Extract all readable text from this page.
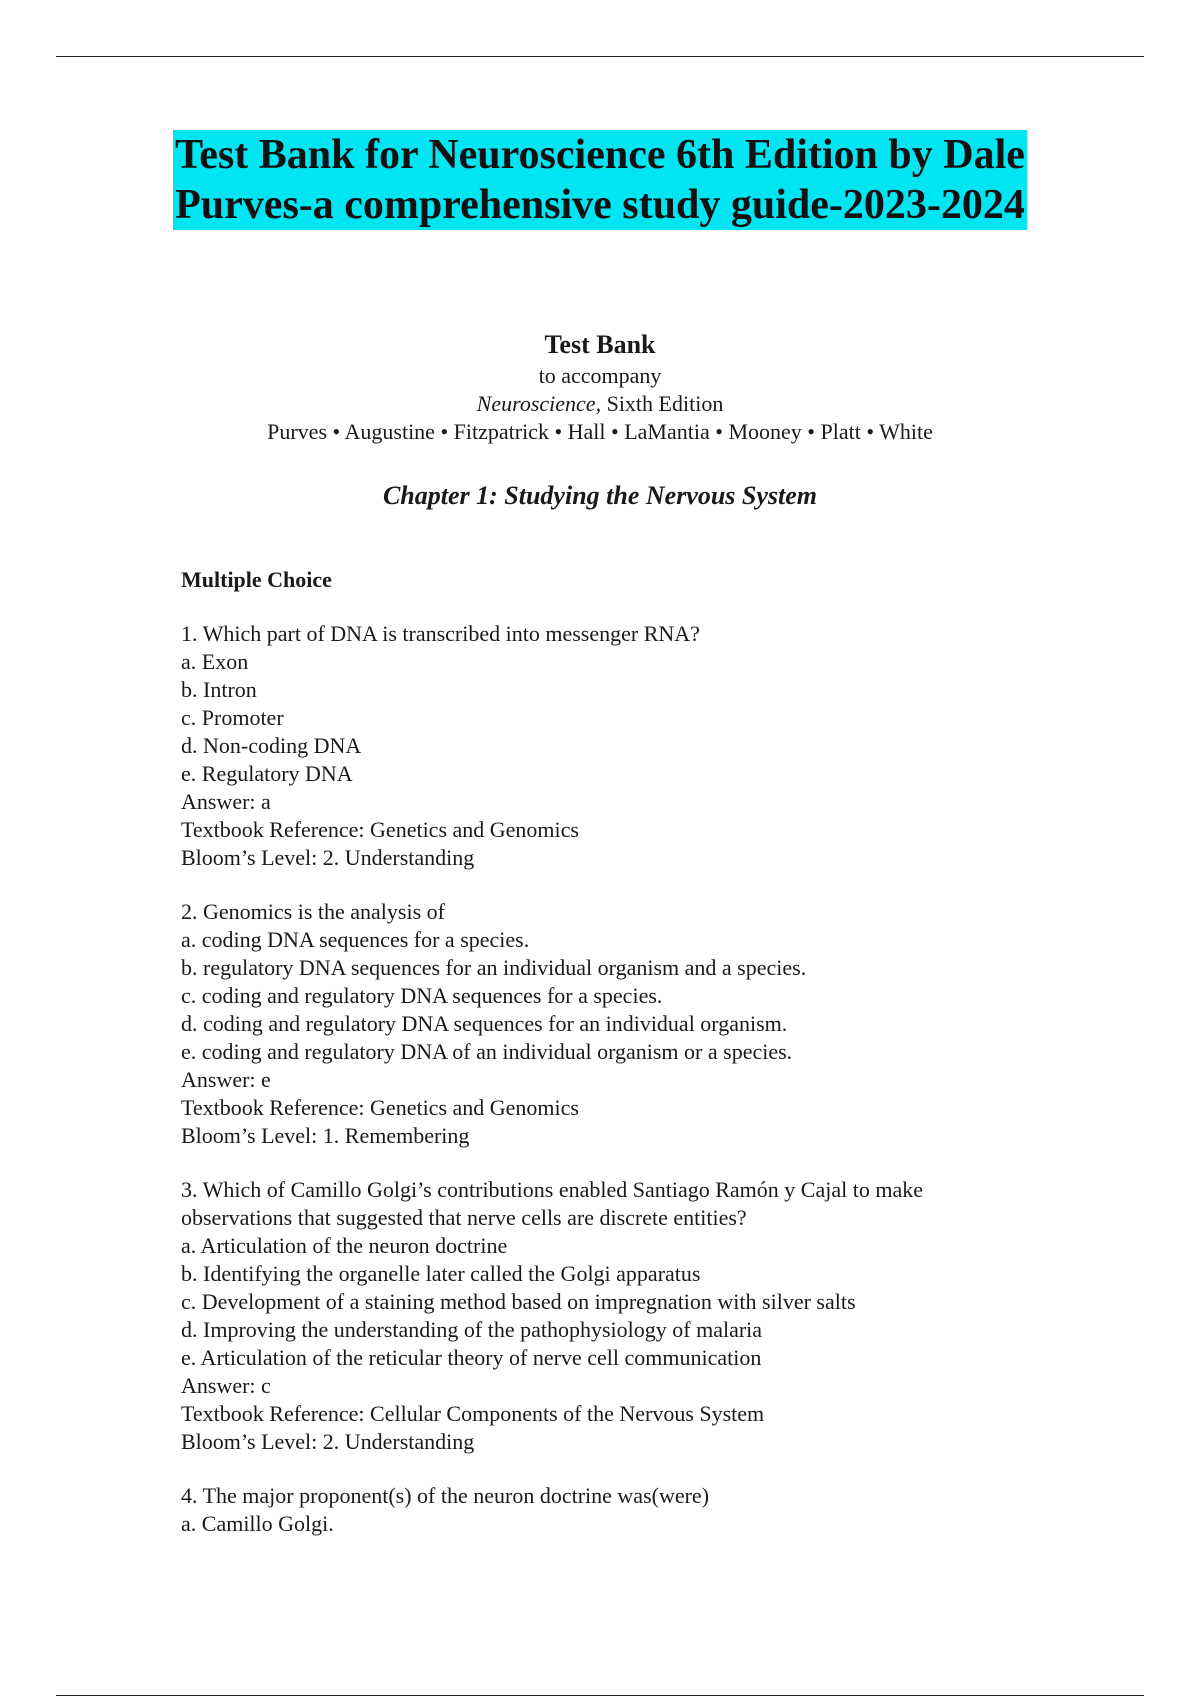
Test Bank for Neuroscience 6th Edition by Dale
Purves-a comprehensive study guide-2023-2024
Test Bank
to accompany
Neuroscience, Sixth Edition
Purves • Augustine • Fitzpatrick • Hall • LaMantia • Mooney • Platt • White
Chapter 1: Studying the Nervous System
Multiple Choice
1. Which part of DNA is transcribed into messenger RNA?
a. Exon
b. Intron
c. Promoter
d. Non-coding DNA
e. Regulatory DNA
Answer: a
Textbook Reference: Genetics and Genomics
Bloom’s Level: 2. Understanding
2. Genomics is the analysis of
a. coding DNA sequences for a species.
b. regulatory DNA sequences for an individual organism and a species.
c. coding and regulatory DNA sequences for a species.
d. coding and regulatory DNA sequences for an individual organism.
e. coding and regulatory DNA of an individual organism or a species.
Answer: e
Textbook Reference: Genetics and Genomics
Bloom’s Level: 1. Remembering
3. Which of Camillo Golgi’s contributions enabled Santiago Ramón y Cajal to make
observations that suggested that nerve cells are discrete entities?
a. Articulation of the neuron doctrine
b. Identifying the organelle later called the Golgi apparatus
c. Development of a staining method based on impregnation with silver salts
d. Improving the understanding of the pathophysiology of malaria
e. Articulation of the reticular theory of nerve cell communication
Answer: c
Textbook Reference: Cellular Components of the Nervous System
Bloom’s Level: 2. Understanding
4. The major proponent(s) of the neuron doctrine was(were)
a. Camillo Golgi.
